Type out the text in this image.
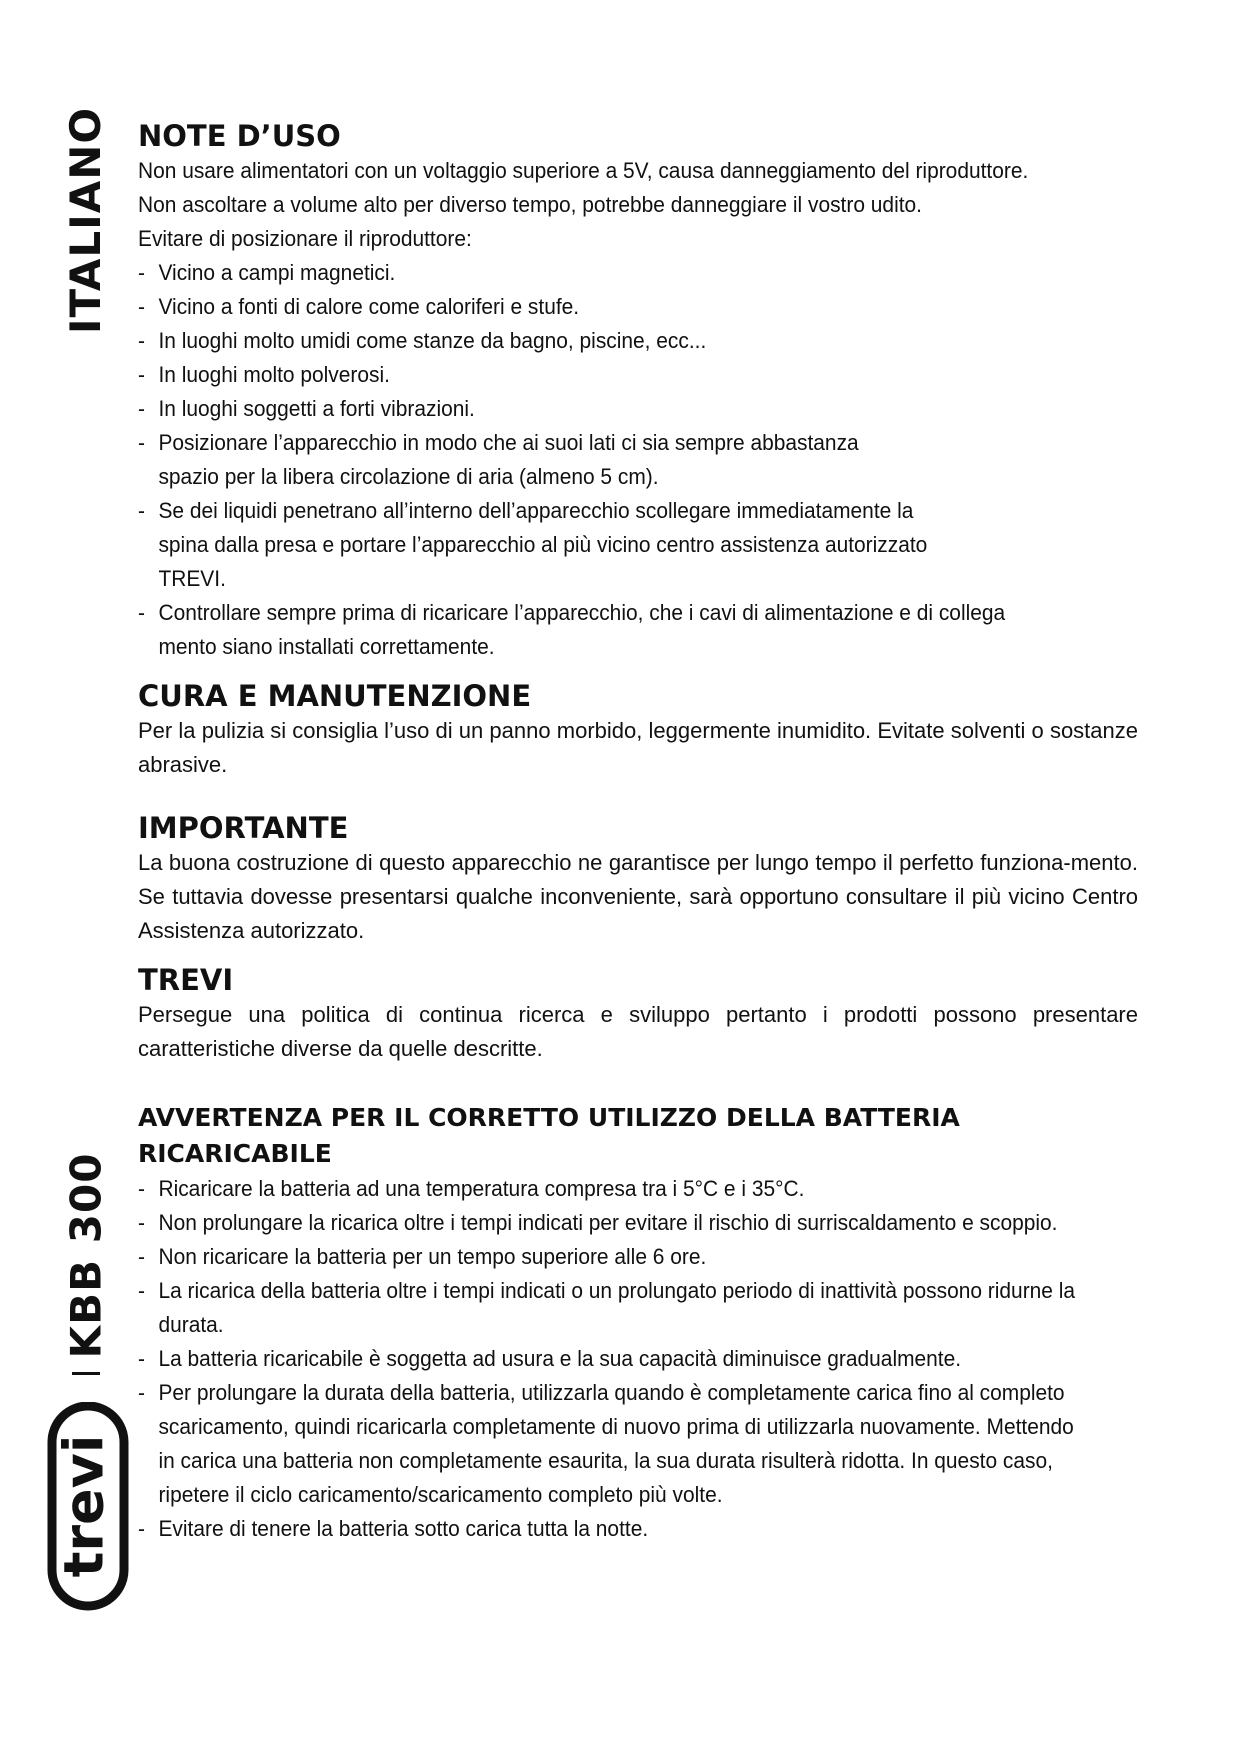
ITALIANO
KBB 300
trevi
NOTE D’USO

Non usare alimentatori con un voltaggio superiore a 5V, causa danneggiamento del riproduttore.

Non ascoltare a volume alto per diverso tempo, potrebbe danneggiare il vostro udito.

Evitare di posizionare il riproduttore:

- Vicino a campi magnetici.
- Vicino a fonti di calore come caloriferi e stufe.
- In luoghi molto umidi come stanze da bagno, piscine, ecc...
- In luoghi molto polverosi.
- In luoghi soggetti a forti vibrazioni.
- Posizionare l’apparecchio in modo che ai suoi lati ci sia sempre abbastanza spazio per la libera circolazione di aria (almeno 5 cm).
- Se dei liquidi penetrano all’interno dell’apparecchio scollegare immediatamente la spina dalla presa e portare l’apparecchio al più vicino centro assistenza autorizzato TREVI.
- Controllare sempre prima di ricaricare l’apparecchio, che i cavi di alimentazione e di collega mento siano installati correttamente.
CURA E MANUTENZIONE

Per la pulizia si consiglia l’uso di un panno morbido, leggermente inumidito. Evitate solventi o sostanze abrasive.

IMPORTANTE

La buona costruzione di questo apparecchio ne garantisce per lungo tempo il perfetto funziona-mento. Se tuttavia dovesse presentarsi qualche inconveniente, sarà opportuno consultare il più vicino Centro Assistenza autorizzato.

TREVI

Persegue una politica di continua ricerca e sviluppo pertanto i prodotti possono presentare caratteristiche diverse da quelle descritte.

AVVERTENZA PER IL CORRETTO UTILIZZO DELLA BATTERIA RICARICABILE
- Ricaricare la batteria ad una temperatura compresa tra i 5°C e i 35°C.
- Non prolungare la ricarica oltre i tempi indicati per evitare il rischio di surriscaldamento e scoppio.
- Non ricaricare la batteria per un tempo superiore alle 6 ore.
- La ricarica della batteria oltre i tempi indicati o un prolungato periodo di inattività possono ridurne la durata.
- La batteria ricaricabile è soggetta ad usura e la sua capacità diminuisce gradualmente.
- Per prolungare la durata della batteria, utilizzarla quando è completamente carica fino al completo scaricamento, quindi ricaricarla completamente di nuovo prima di utilizzarla nuovamente. Mettendo in carica una batteria non completamente esaurita, la sua durata risulterà ridotta. In questo caso, ripetere il ciclo caricamento/scaricamento completo più volte.
- Evitare di tenere la batteria sotto carica tutta la notte.
